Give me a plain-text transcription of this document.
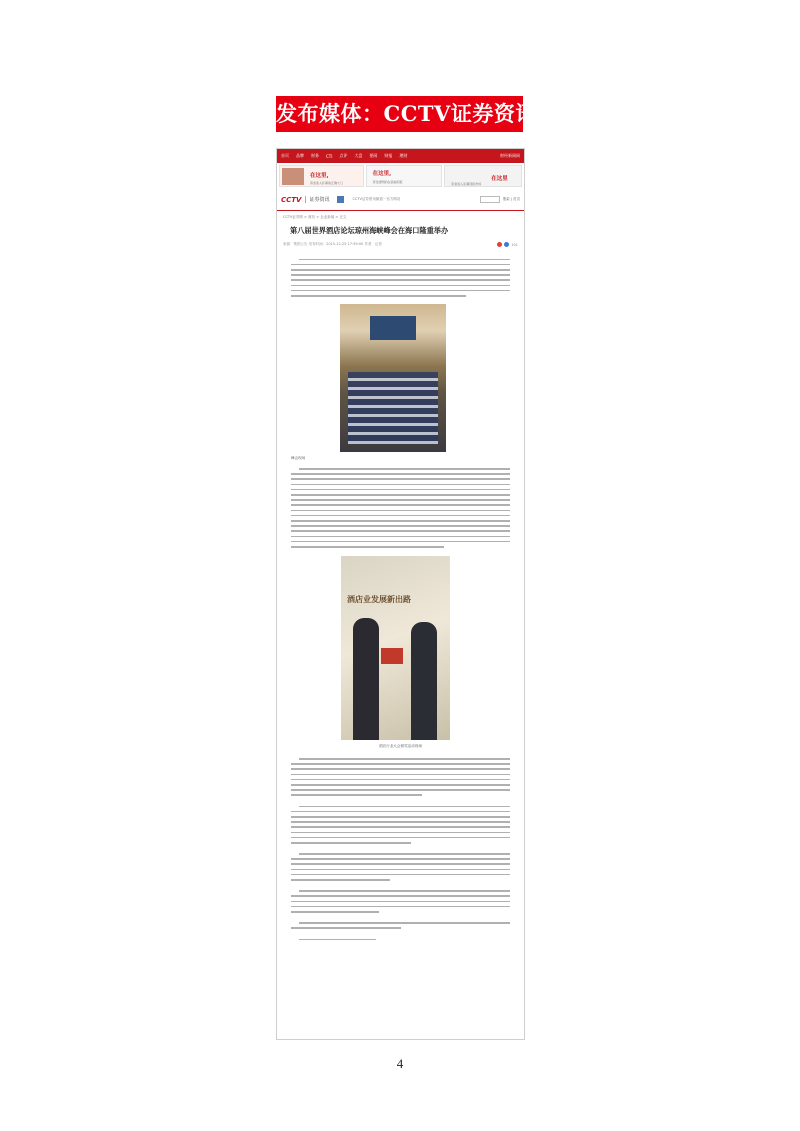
发布媒体：CCTV证券资讯
首页 品牌 财务 CTI 点评 大盘 要闻 财报 理财	财经新闻网
在这里,
资金流入私募的正确大门
在这里,
资金透明的在高端回报	在这里
资金流入私募回报市场
CCTV	证券资讯	CCTV证券资讯频道一官方网站	搜索 | 首页
CCTV证券网 > 财经 > 企业新闻 > 正文
第八届世界酒店论坛琼州海峡峰会在海口隆重举办
来源：集团公告 发布时间：2015-12-25 17:59:00 作者：记者	101
峰会现场
酒店业发展新出路
酒店行业大会颁奖活动现场
4
